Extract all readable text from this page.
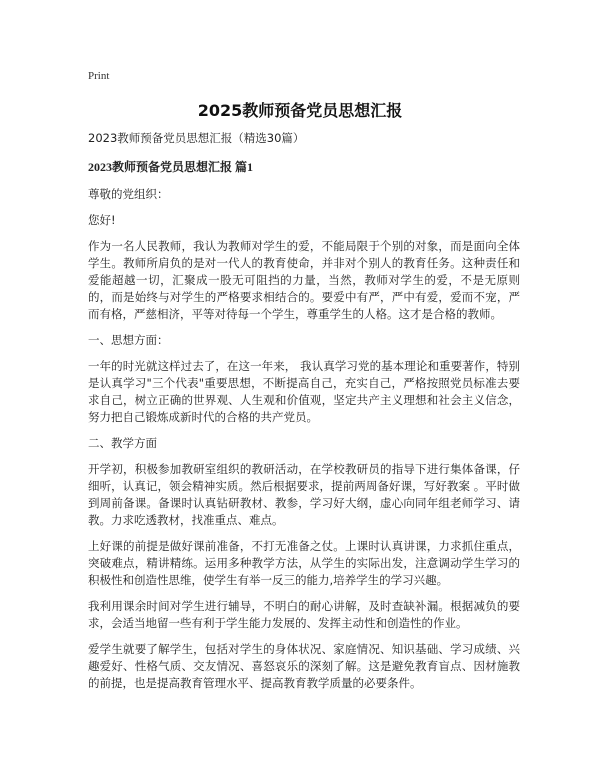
Print
2025教师预备党员思想汇报

2023教师预备党员思想汇报（精选30篇）

2023教师预备党员思想汇报 篇1

尊敬的党组织：

您好!

作为一名人民教师，我认为教师对学生的爱，不能局限于个别的对象，而是面向全体学生。教师所肩负的是对一代人的教育使命，并非对个别人的教育任务。这种责任和爱能超越一切，汇聚成一股无可阻挡的力量，当然，教师对学生的爱，不是无原则的，而是始终与对学生的严格要求相结合的。要爱中有严，严中有爱，爱而不宠，严而有格，严慈相济，平等对待每一个学生，尊重学生的人格。这才是合格的教师。

一、思想方面：

一年的时光就这样过去了，在这一年来， 我认真学习党的基本理论和重要著作，特别是认真学习"三个代表"重要思想，不断提高自己，充实自己，严格按照党员标准去要求自己，树立正确的世界观、人生观和价值观，坚定共产主义理想和社会主义信念，努力把自己锻炼成新时代的合格的共产党员。

二、教学方面

开学初，积极参加教研室组织的教研活动，在学校教研员的指导下进行集体备课，仔细听，认真记，领会精神实质。然后根据要求，提前两周备好课，写好教案 。平时做到周前备课。备课时认真钻研教材、教参，学习好大纲，虚心向同年组老师学习、请教。力求吃透教材，找准重点、难点。

上好课的前提是做好课前准备，不打无准备之仗。上课时认真讲课，力求抓住重点，突破难点，精讲精练。运用多种教学方法，从学生的实际出发，注意调动学生学习的积极性和创造性思维，使学生有举一反三的能力,培养学生的学习兴趣。

我利用课余时间对学生进行辅导，不明白的耐心讲解，及时查缺补漏。根据减负的要求，会适当地留一些有利于学生能力发展的、发挥主动性和创造性的作业。

爱学生就要了解学生，包括对学生的身体状况、家庭情况、知识基础、学习成绩、兴趣爱好、性格气质、交友情况、喜怒哀乐的深刻了解。这是避免教育盲点、因材施教的前提，也是提高教育管理水平、提高教育教学质量的必要条件。
